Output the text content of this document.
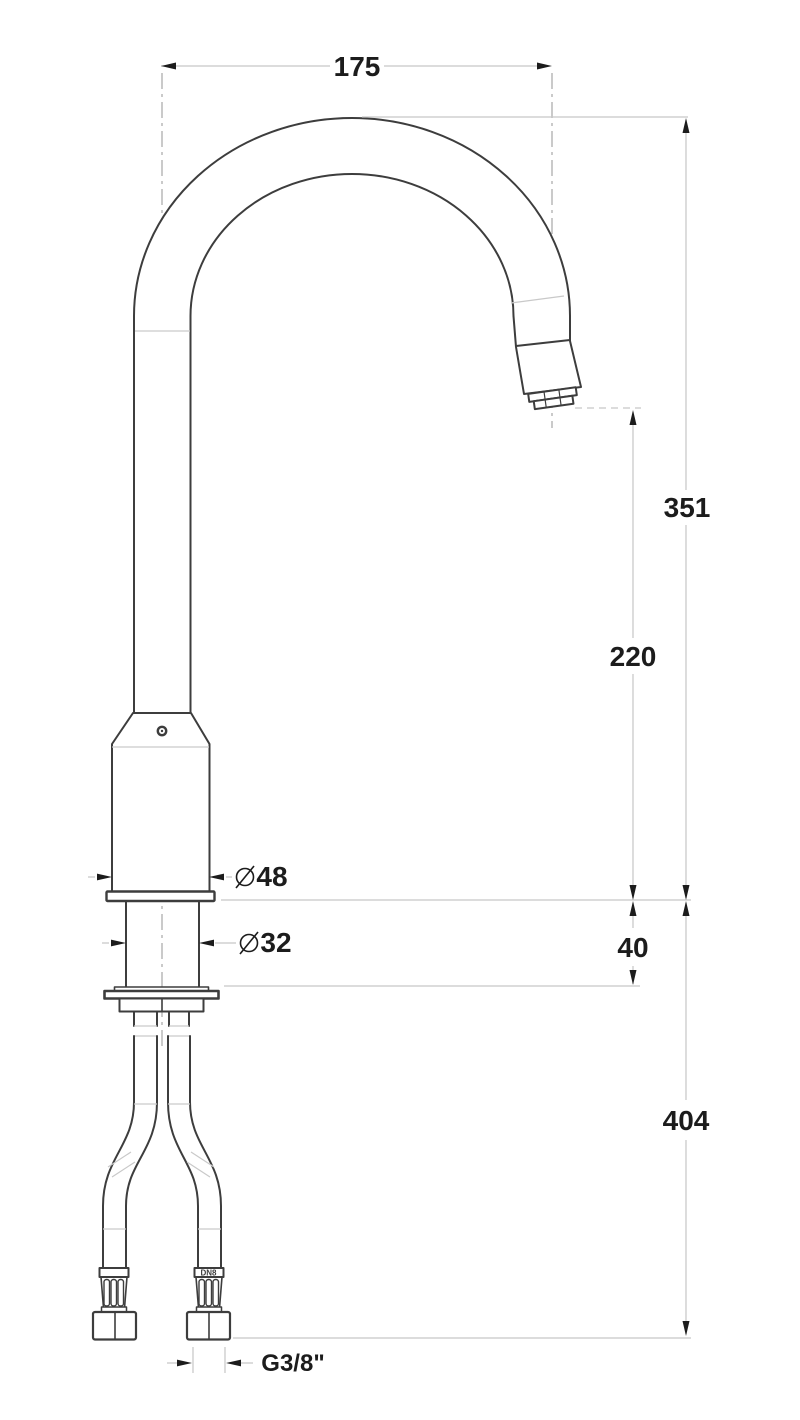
DN8
175
351
220
40
404
48
32
G3/8"
